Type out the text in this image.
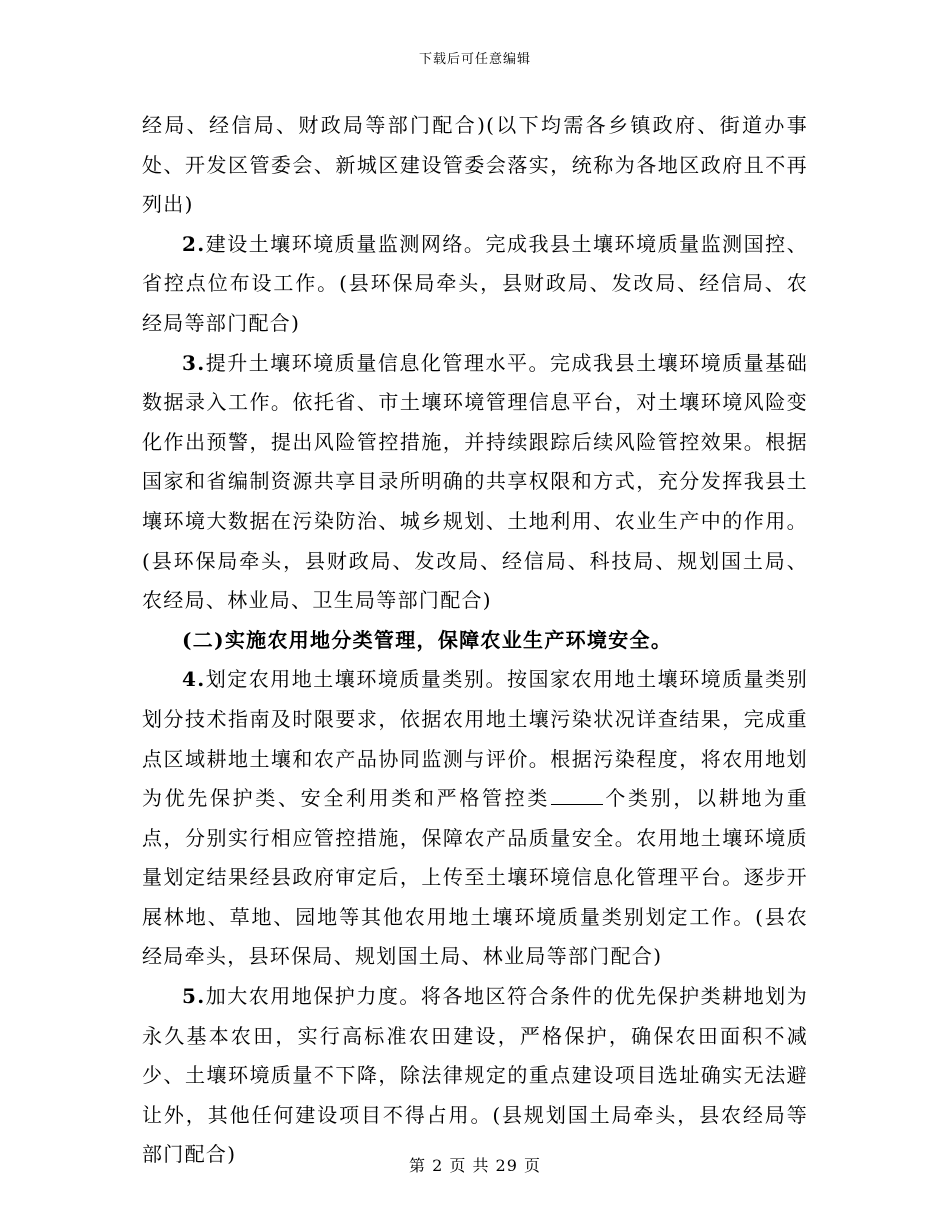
下载后可任意编辑

经局、经信局、财政局等部门配合)(以下均需各乡镇政府、街道办事处、开发区管委会、新城区建设管委会落实，统称为各地区政府且不再列出)

2.建设土壤环境质量监测网络。完成我县土壤环境质量监测国控、省控点位布设工作。(县环保局牵头，县财政局、发改局、经信局、农经局等部门配合)

3.提升土壤环境质量信息化管理水平。完成我县土壤环境质量基础数据录入工作。依托省、市土壤环境管理信息平台，对土壤环境风险变化作出预警，提出风险管控措施，并持续跟踪后续风险管控效果。根据国家和省编制资源共享目录所明确的共享权限和方式，充分发挥我县土壤环境大数据在污染防治、城乡规划、土地利用、农业生产中的作用。(县环保局牵头，县财政局、发改局、经信局、科技局、规划国土局、农经局、林业局、卫生局等部门配合)

(二)实施农用地分类管理，保障农业生产环境安全。

4.划定农用地土壤环境质量类别。按国家农用地土壤环境质量类别划分技术指南及时限要求，依据农用地土壤污染状况详查结果，完成重点区域耕地土壤和农产品协同监测与评价。根据污染程度，将农用地划为优先保护类、安全利用类和严格管控类	个类别，以耕地为重点，分别实行相应管控措施，保障农产品质量安全。农用地土壤环境质量划定结果经县政府审定后，上传至土壤环境信息化管理平台。逐步开展林地、草地、园地等其他农用地土壤环境质量类别划定工作。(县农经局牵头，县环保局、规划国土局、林业局等部门配合)

5.加大农用地保护力度。将各地区符合条件的优先保护类耕地划为永久基本农田，实行高标准农田建设，严格保护，确保农田面积不减少、土壤环境质量不下降，除法律规定的重点建设项目选址确实无法避让外，其他任何建设项目不得占用。(县规划国土局牵头，县农经局等部门配合)	第 2 页 共 29 页
